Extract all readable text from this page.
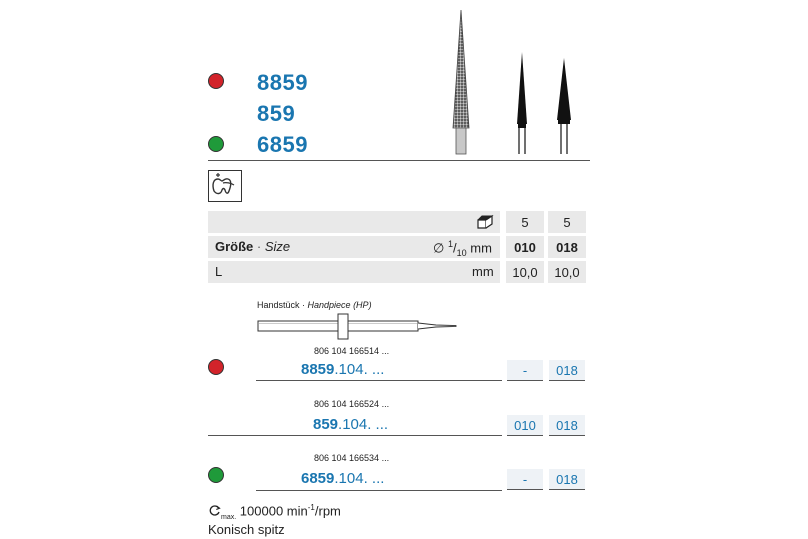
8859
859
6859
5	5
Größe · Size	∅ $^1/_{10}$ mm	010	018
L	mm	10,0	10,0
Handstück · Handpiece (HP)
806 104 166514 ...
8859.104. ...	-	018
806 104 166524 ...
859.104. ...	010	018
806 104 166534 ...
6859.104. ...	-	018
$_{max.}$ 100000 $\min^{-1}$/rpm
Konisch spitz
